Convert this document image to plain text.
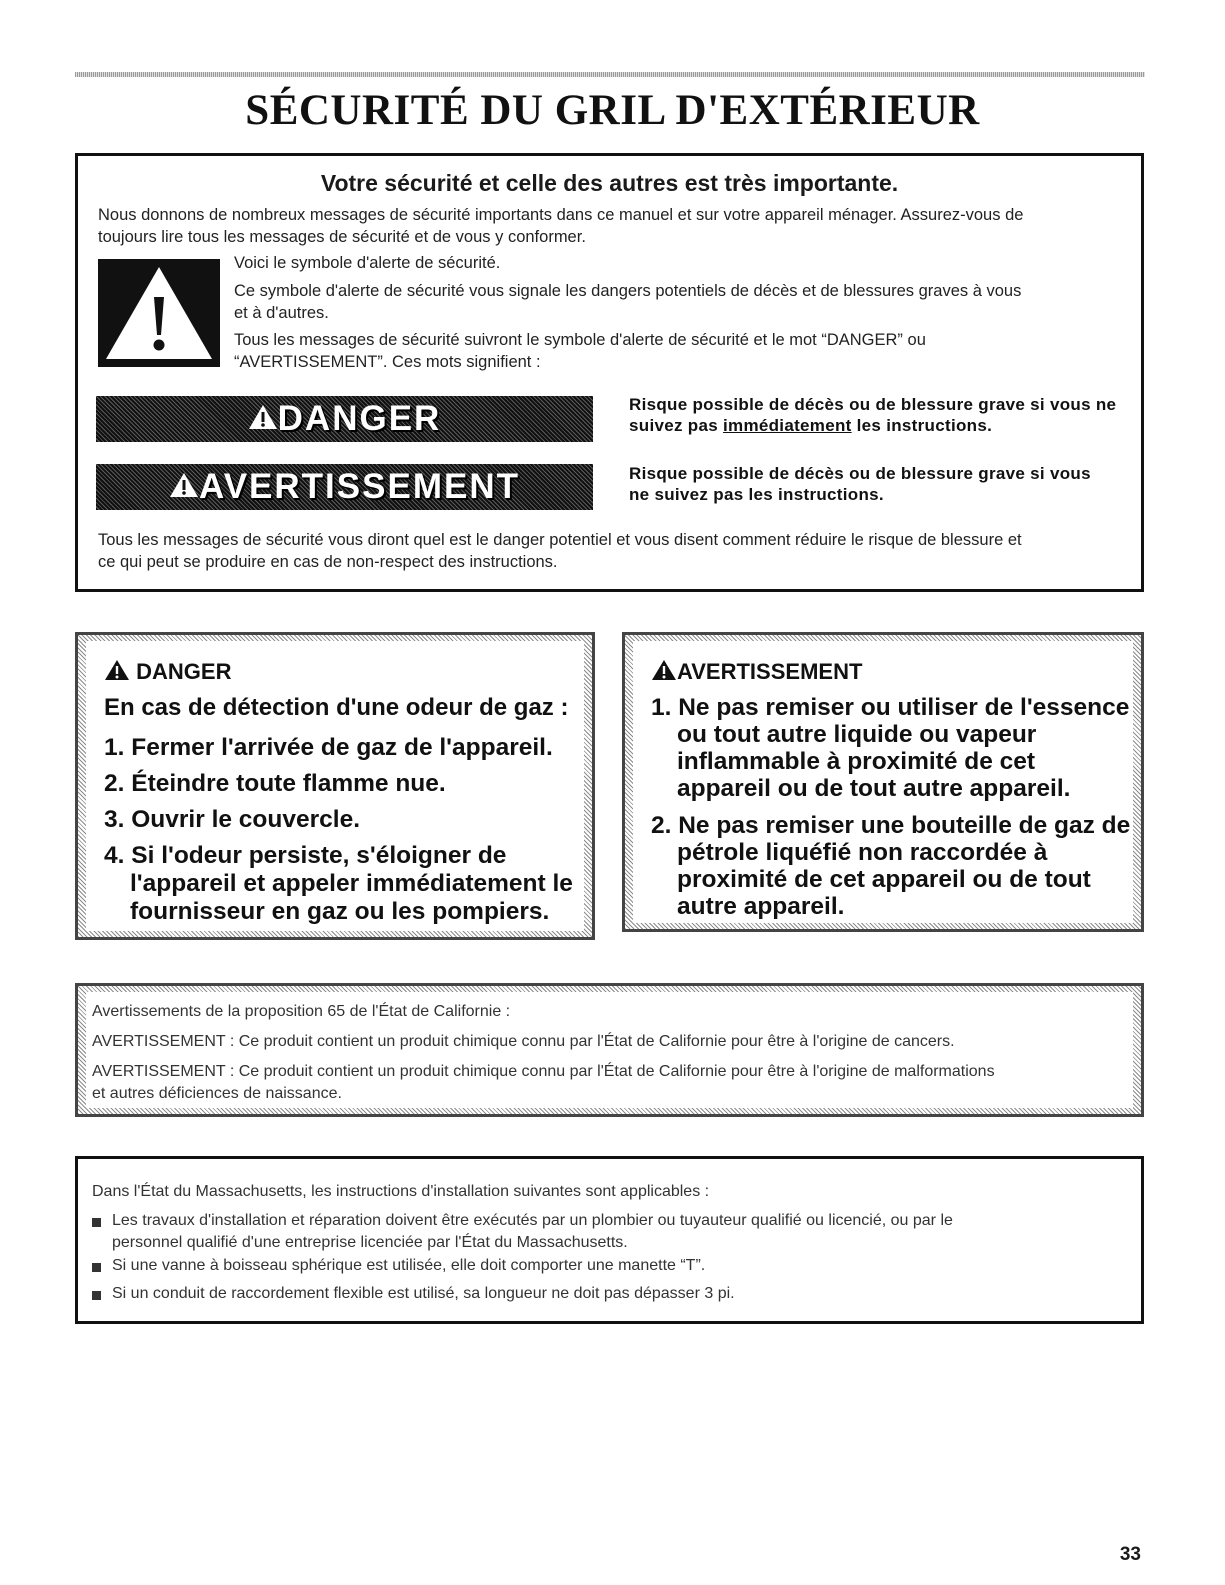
SÉCURITÉ DU GRIL D'EXTÉRIEUR
Votre sécurité et celle des autres est très importante.
Nous donnons de nombreux messages de sécurité importants dans ce manuel et sur votre appareil ménager. Assurez-vous de
toujours lire tous les messages de sécurité et de vous y conformer.
Voici le symbole d'alerte de sécurité.
Ce symbole d'alerte de sécurité vous signale les dangers potentiels de décès et de blessures graves à vous
et à d'autres.
Tous les messages de sécurité suivront le symbole d'alerte de sécurité et le mot “DANGER” ou
“AVERTISSEMENT”. Ces mots signifient :
DANGER	Risque possible de décès ou de blessure grave si vous ne
suivez pas immédiatement les instructions.
AVERTISSEMENT	Risque possible de décès ou de blessure grave si vous
ne suivez pas les instructions.
Tous les messages de sécurité vous diront quel est le danger potentiel et vous disent comment réduire le risque de blessure et
ce qui peut se produire en cas de non-respect des instructions.
DANGER
En cas de détection d'une odeur de gaz :
1. Fermer l'arrivée de gaz de l'appareil.
2. Éteindre toute flamme nue.
3. Ouvrir le couvercle.
4. Si l'odeur persiste, s'éloigner de
l'appareil et appeler immédiatement le
fournisseur en gaz ou les pompiers.
AVERTISSEMENT
1. Ne pas remiser ou utiliser de l'essence
ou tout autre liquide ou vapeur
inflammable à proximité de cet
appareil ou de tout autre appareil.
2. Ne pas remiser une bouteille de gaz de
pétrole liquéfié non raccordée à
proximité de cet appareil ou de tout
autre appareil.
Avertissements de la proposition 65 de l'État de Californie :
AVERTISSEMENT : Ce produit contient un produit chimique connu par l'État de Californie pour être à l'origine de cancers.
AVERTISSEMENT : Ce produit contient un produit chimique connu par l'État de Californie pour être à l'origine de malformations
et autres déficiences de naissance.
Dans l'État du Massachusetts, les instructions d'installation suivantes sont applicables :
Les travaux d'installation et réparation doivent être exécutés par un plombier ou tuyauteur qualifié ou licencié, ou par le
personnel qualifié d'une entreprise licenciée par l'État du Massachusetts.
Si une vanne à boisseau sphérique est utilisée, elle doit comporter une manette “T”.
Si un conduit de raccordement flexible est utilisé, sa longueur ne doit pas dépasser 3 pi.
33
